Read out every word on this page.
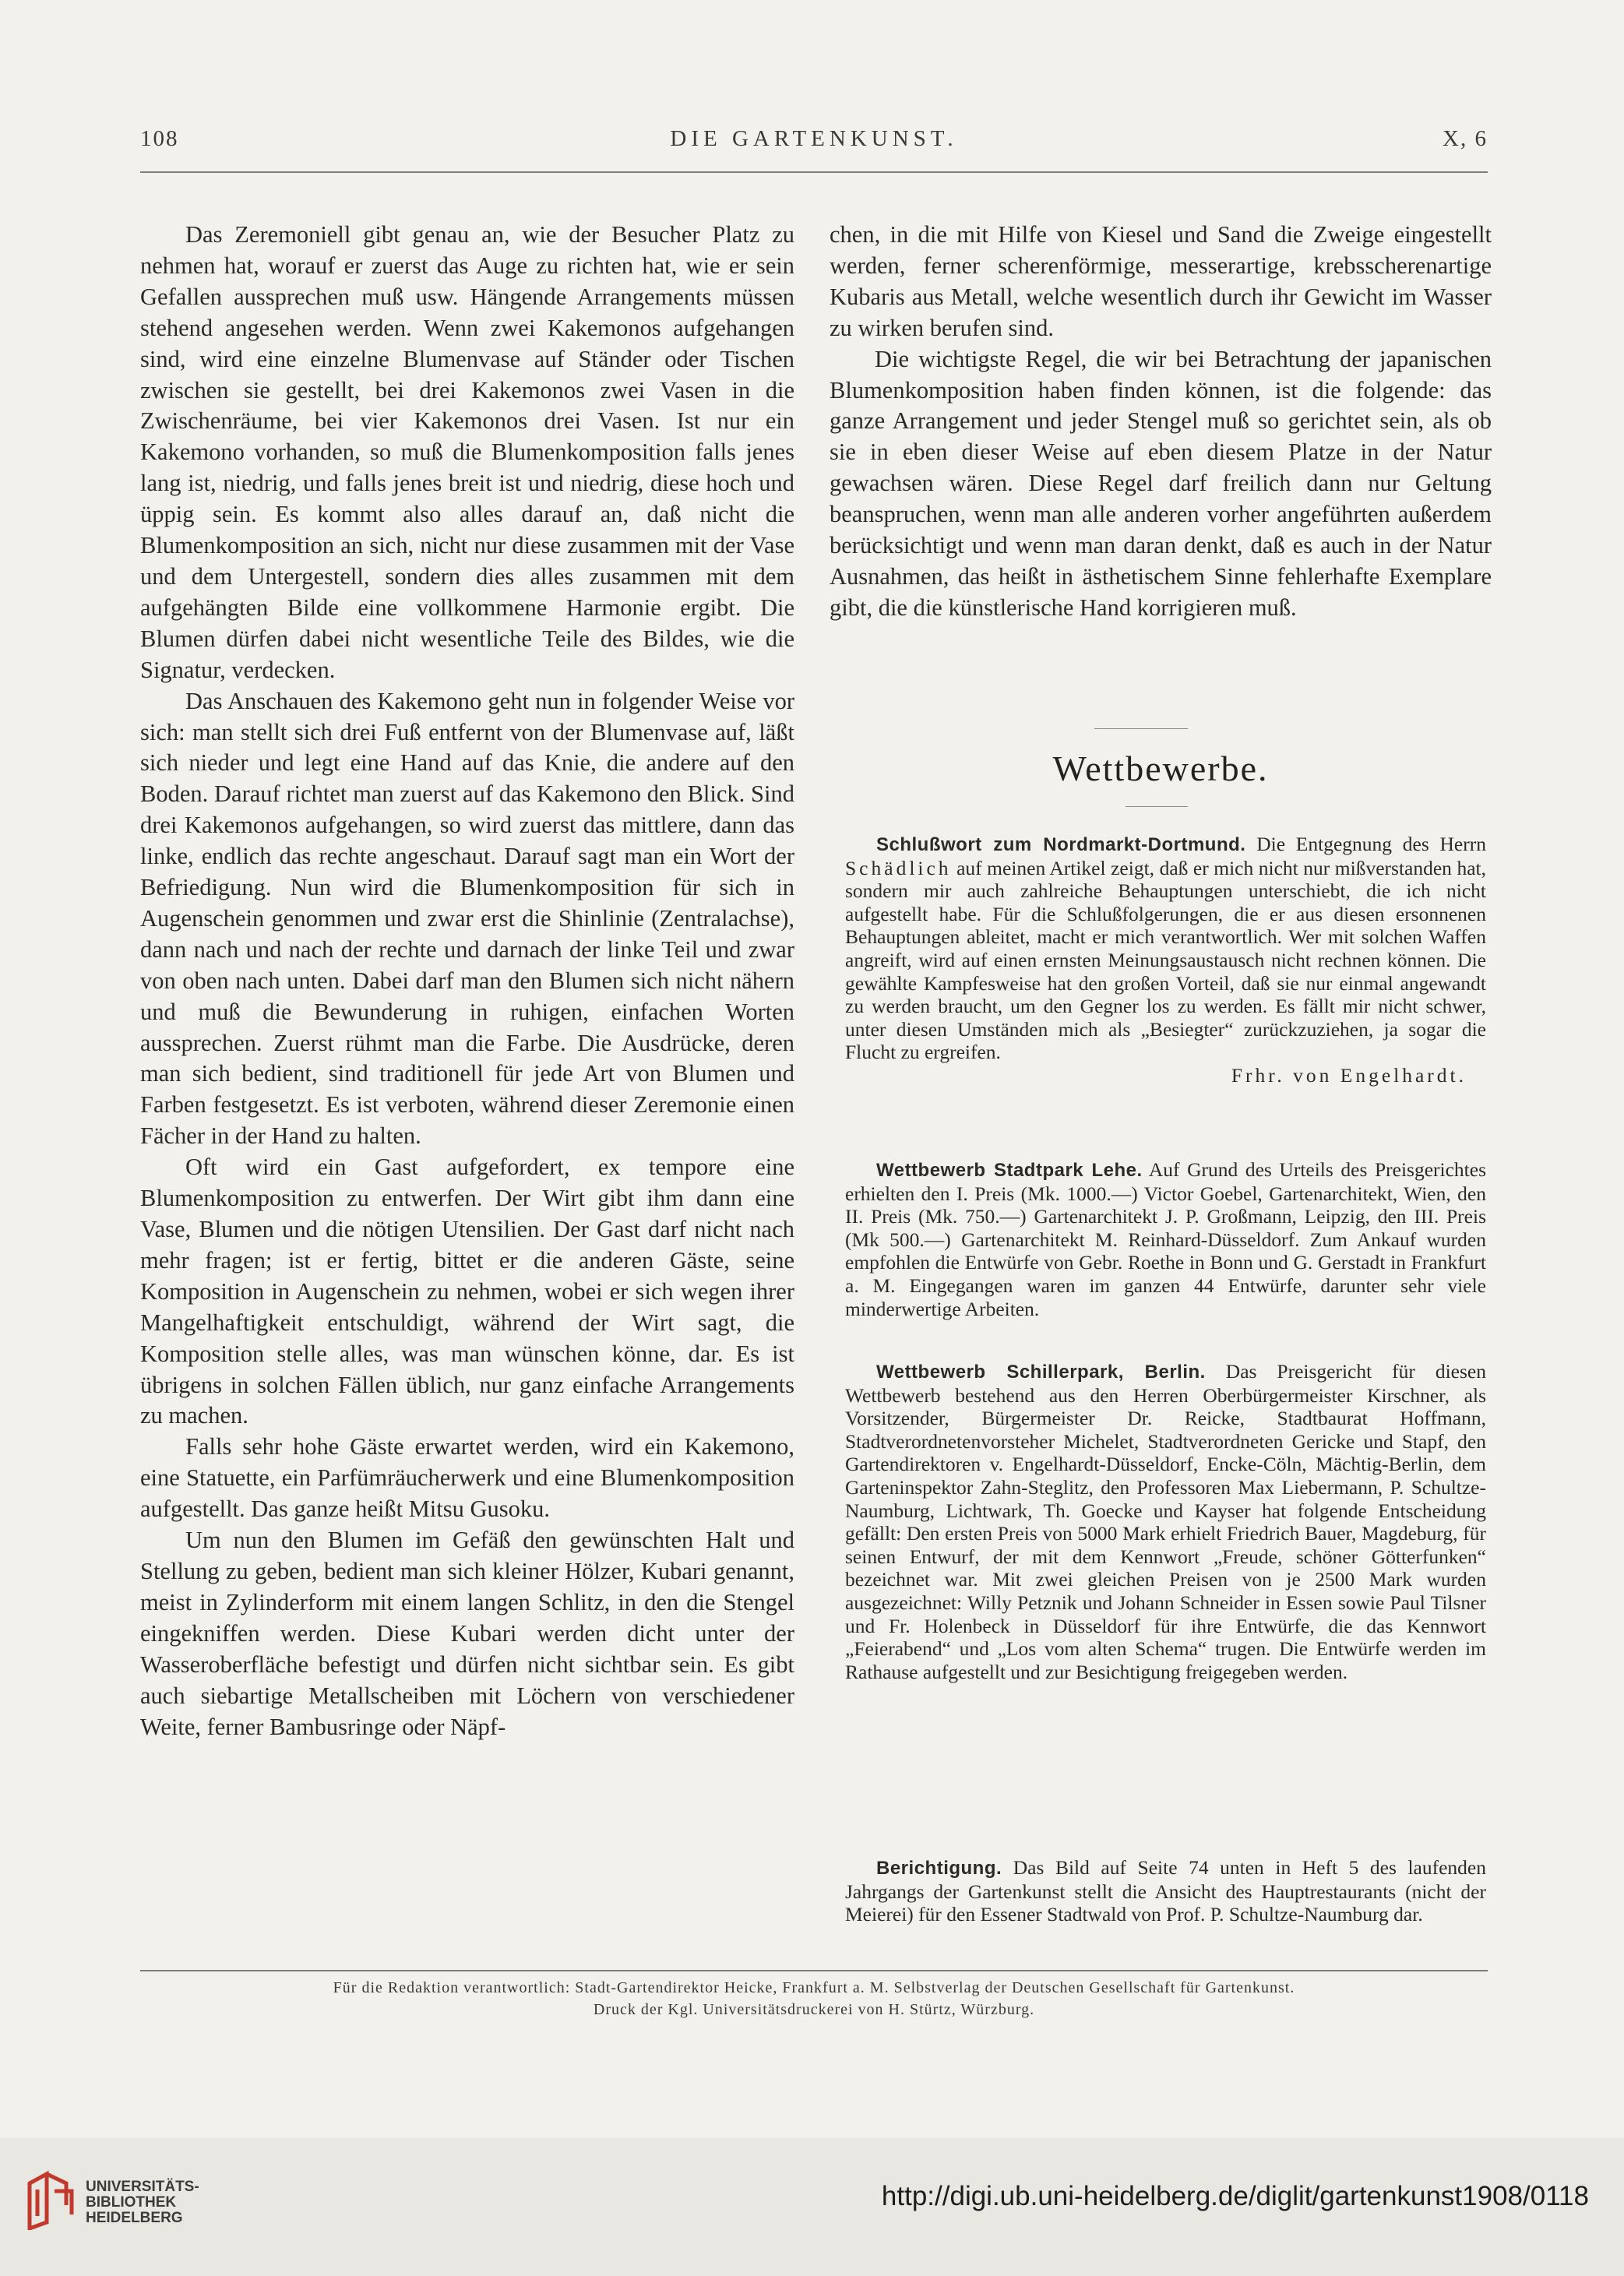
108	DIE GARTENKUNST.	X, 6

Das Zeremoniell gibt genau an, wie der Besucher Platz zu nehmen hat, worauf er zuerst das Auge zu richten hat, wie er sein Gefallen aussprechen muß usw. Hängende Arrangements müssen stehend angesehen werden. Wenn zwei Kakemonos aufgehangen sind, wird eine einzelne Blumenvase auf Ständer oder Tischen zwischen sie gestellt, bei drei Kakemonos zwei Vasen in die Zwischenräume, bei vier Kakemonos drei Vasen. Ist nur ein Kakemono vorhanden, so muß die Blumenkomposition falls jenes lang ist, niedrig, und falls jenes breit ist und niedrig, diese hoch und üppig sein. Es kommt also alles darauf an, daß nicht die Blumenkomposition an sich, nicht nur diese zusammen mit der Vase und dem Untergestell, sondern dies alles zusammen mit dem aufgehängten Bilde eine vollkommene Harmonie ergibt. Die Blumen dürfen dabei nicht wesentliche Teile des Bildes, wie die Signatur, verdecken.

Das Anschauen des Kakemono geht nun in folgender Weise vor sich: man stellt sich drei Fuß entfernt von der Blumenvase auf, läßt sich nieder und legt eine Hand auf das Knie, die andere auf den Boden. Darauf richtet man zuerst auf das Kakemono den Blick. Sind drei Kakemonos aufgehangen, so wird zuerst das mittlere, dann das linke, endlich das rechte angeschaut. Darauf sagt man ein Wort der Befriedigung. Nun wird die Blumenkomposition für sich in Augenschein genommen und zwar erst die Shinlinie (Zentralachse), dann nach und nach der rechte und darnach der linke Teil und zwar von oben nach unten. Dabei darf man den Blumen sich nicht nähern und muß die Bewunderung in ruhigen, einfachen Worten aussprechen. Zuerst rühmt man die Farbe. Die Ausdrücke, deren man sich bedient, sind traditionell für jede Art von Blumen und Farben festgesetzt. Es ist verboten, während dieser Zeremonie einen Fächer in der Hand zu halten.

Oft wird ein Gast aufgefordert, ex tempore eine Blumenkomposition zu entwerfen. Der Wirt gibt ihm dann eine Vase, Blumen und die nötigen Utensilien. Der Gast darf nicht nach mehr fragen; ist er fertig, bittet er die anderen Gäste, seine Komposition in Augenschein zu nehmen, wobei er sich wegen ihrer Mangelhaftigkeit entschuldigt, während der Wirt sagt, die Komposition stelle alles, was man wünschen könne, dar. Es ist übrigens in solchen Fällen üblich, nur ganz einfache Arrangements zu machen.

Falls sehr hohe Gäste erwartet werden, wird ein Kakemono, eine Statuette, ein Parfümräucherwerk und eine Blumenkomposition aufgestellt. Das ganze heißt Mitsu Gusoku.

Um nun den Blumen im Gefäß den gewünschten Halt und Stellung zu geben, bedient man sich kleiner Hölzer, Kubari genannt, meist in Zylinderform mit einem langen Schlitz, in den die Stengel eingekniffen werden. Diese Kubari werden dicht unter der Wasseroberfläche befestigt und dürfen nicht sichtbar sein. Es gibt auch siebartige Metallscheiben mit Löchern von verschiedener Weite, ferner Bambusringe oder Näpf-

chen, in die mit Hilfe von Kiesel und Sand die Zweige eingestellt werden, ferner scherenförmige, messerartige, krebsscherenartige Kubaris aus Metall, welche wesentlich durch ihr Gewicht im Wasser zu wirken berufen sind.

Die wichtigste Regel, die wir bei Betrachtung der japanischen Blumenkomposition haben finden können, ist die folgende: das ganze Arrangement und jeder Stengel muß so gerichtet sein, als ob sie in eben dieser Weise auf eben diesem Platze in der Natur gewachsen wären. Diese Regel darf freilich dann nur Geltung beanspruchen, wenn man alle anderen vorher angeführten außerdem berücksichtigt und wenn man daran denkt, daß es auch in der Natur Ausnahmen, das heißt in ästhetischem Sinne fehlerhafte Exemplare gibt, die die künstlerische Hand korrigieren muß.

Wettbewerbe.

Schlußwort zum Nordmarkt-Dortmund. Die Entgegnung des Herrn Schädlich auf meinen Artikel zeigt, daß er mich nicht nur mißverstanden hat, sondern mir auch zahlreiche Behauptungen unterschiebt, die ich nicht aufgestellt habe. Für die Schlußfolgerungen, die er aus diesen ersonnenen Behauptungen ableitet, macht er mich verantwortlich. Wer mit solchen Waffen angreift, wird auf einen ernsten Meinungsaustausch nicht rechnen können. Die gewählte Kampfesweise hat den großen Vorteil, daß sie nur einmal angewandt zu werden braucht, um den Gegner los zu werden. Es fällt mir nicht schwer, unter diesen Umständen mich als „Besiegter“ zurückzuziehen, ja sogar die Flucht zu ergreifen.

Frhr. von Engelhardt.

Wettbewerb Stadtpark Lehe. Auf Grund des Urteils des Preisgerichtes erhielten den I. Preis (Mk. 1000.—) Victor Goebel, Gartenarchitekt, Wien, den II. Preis (Mk. 750.—) Gartenarchitekt J. P. Großmann, Leipzig, den III. Preis (Mk 500.—) Gartenarchitekt M. Reinhard-Düsseldorf. Zum Ankauf wurden empfohlen die Entwürfe von Gebr. Roethe in Bonn und G. Gerstadt in Frankfurt a. M. Eingegangen waren im ganzen 44 Entwürfe, darunter sehr viele minderwertige Arbeiten.

Wettbewerb Schillerpark, Berlin. Das Preisgericht für diesen Wettbewerb bestehend aus den Herren Oberbürgermeister Kirschner, als Vorsitzender, Bürgermeister Dr. Reicke, Stadtbaurat Hoffmann, Stadtverordnetenvorsteher Michelet, Stadtverordneten Gericke und Stapf, den Gartendirektoren v. Engelhardt-Düsseldorf, Encke-Cöln, Mächtig-Berlin, dem Garteninspektor Zahn-Steglitz, den Professoren Max Liebermann, P. Schultze-Naumburg, Lichtwark, Th. Goecke und Kayser hat folgende Entscheidung gefällt: Den ersten Preis von 5000 Mark erhielt Friedrich Bauer, Magdeburg, für seinen Entwurf, der mit dem Kennwort „Freude, schöner Götterfunken“ bezeichnet war. Mit zwei gleichen Preisen von je 2500 Mark wurden ausgezeichnet: Willy Petznik und Johann Schneider in Essen sowie Paul Tilsner und Fr. Holenbeck in Düsseldorf für ihre Entwürfe, die das Kennwort „Feierabend“ und „Los vom alten Schema“ trugen. Die Entwürfe werden im Rathause aufgestellt und zur Besichtigung freigegeben werden.

Berichtigung. Das Bild auf Seite 74 unten in Heft 5 des laufenden Jahrgangs der Gartenkunst stellt die Ansicht des Hauptrestaurants (nicht der Meierei) für den Essener Stadtwald von Prof. P. Schultze-Naumburg dar.

Für die Redaktion verantwortlich: Stadt-Gartendirektor Heicke, Frankfurt a. M. Selbstverlag der Deutschen Gesellschaft für Gartenkunst.
Druck der Kgl. Universitätsdruckerei von H. Stürtz, Würzburg.
UNIVERSITÄTS-
BIBLIOTHEK
HEIDELBERG
http://digi.ub.uni-heidelberg.de/diglit/gartenkunst1908/0118
